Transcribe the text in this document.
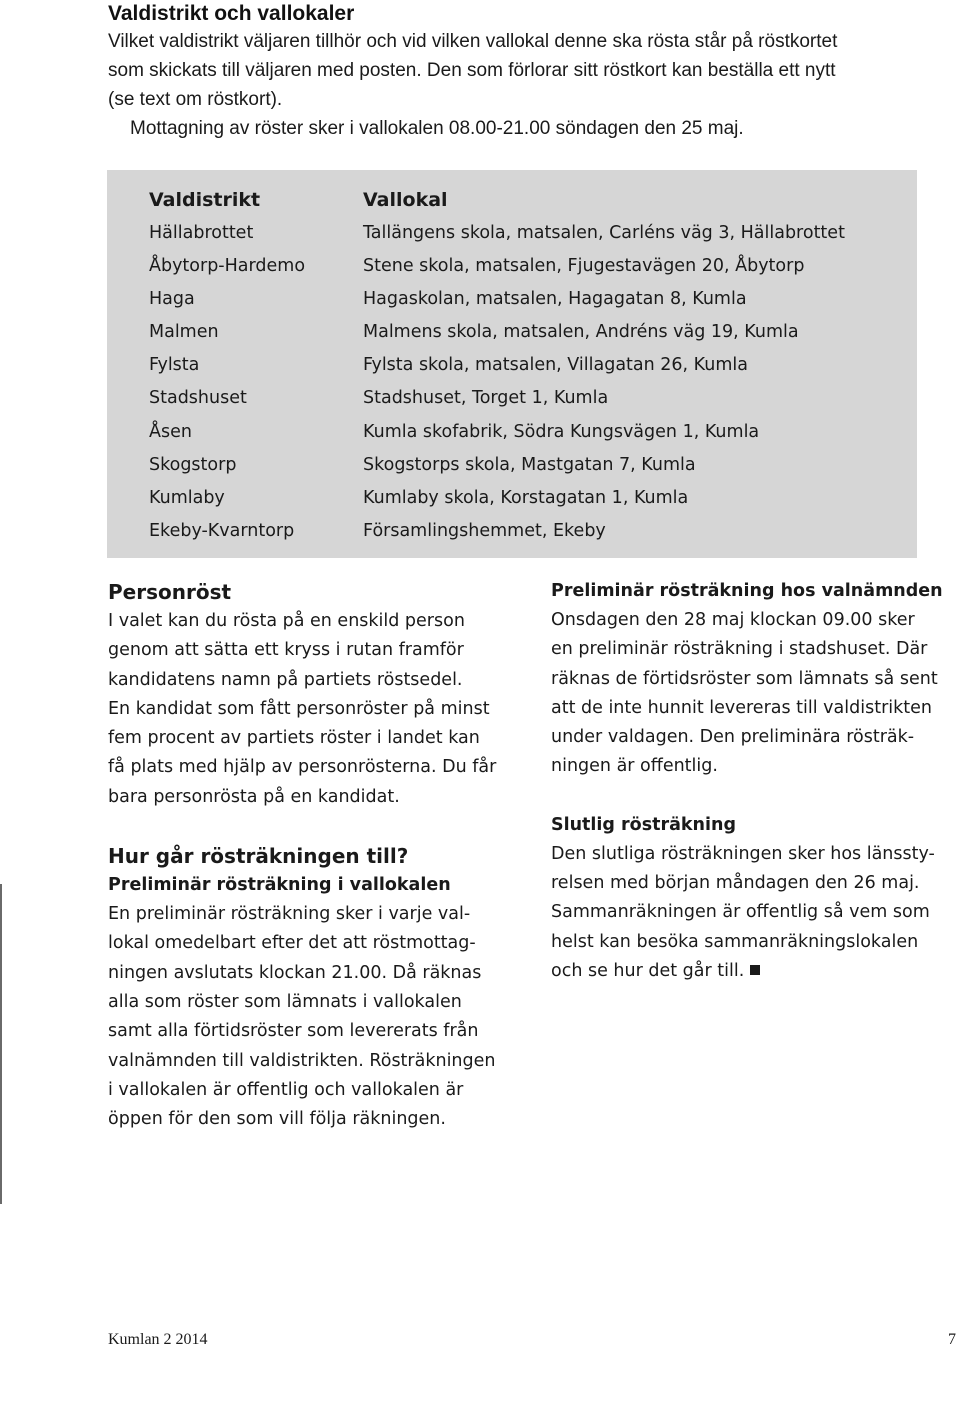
Valdistrikt och vallokaler

Vilket valdistrikt väljaren tillhör och vid vilken vallokal denne ska rösta står på röstkortet

som skickats till väljaren med posten. Den som förlorar sitt röstkort kan beställa ett nytt

(se text om röstkort).

Mottagning av röster sker i vallokalen 08.00-21.00 söndagen den 25 maj.

Valdistrikt
Hällabrottet
Åbytorp-Hardemo
Haga
Malmen
Fylsta
Stadshuset
Åsen
Skogstorp
Kumlaby
Ekeby-Kvarntorp
Vallokal
Tallängens skola, matsalen, Carléns väg 3, Hällabrottet
Stene skola, matsalen, Fjugestavägen 20, Åbytorp
Hagaskolan, matsalen, Hagagatan 8, Kumla
Malmens skola, matsalen, Andréns väg 19, Kumla
Fylsta skola, matsalen, Villagatan 26, Kumla
Stadshuset, Torget 1, Kumla
Kumla skofabrik, Södra Kungsvägen 1, Kumla
Skogstorps skola, Mastgatan 7, Kumla
Kumlaby skola, Korstagatan 1, Kumla
Församlingshemmet, Ekeby
Personröst

I valet kan du rösta på en enskild person

genom att sätta ett kryss i rutan framför

kandidatens namn på partiets röstsedel.

En kandidat som fått personröster på minst

fem procent av partiets röster i landet kan

få plats med hjälp av personrösterna. Du får

bara personrösta på en kandidat.

Hur går rösträkningen till?
Preliminär rösträkning i vallokalen

En preliminär rösträkning sker i varje val-

lokal omedelbart efter det att röstmottag-

ningen avslutats klockan 21.00. Då räknas

alla som röster som lämnats i vallokalen

samt alla förtidsröster som levererats från

valnämnden till valdistrikten. Rösträkningen

i vallokalen är offentlig och vallokalen är

öppen för den som vill följa räkningen.

Preliminär rösträkning hos valnämnden

Onsdagen den 28 maj klockan 09.00 sker

en preliminär rösträkning i stadshuset. Där

räknas de förtidsröster som lämnats så sent

att de inte hunnit levereras till valdistrikten

under valdagen. Den preliminära rösträk-

ningen är offentlig.

Slutlig rösträkning

Den slutliga rösträkningen sker hos länssty-

relsen med början måndagen den 26 maj.

Sammanräkningen är offentlig så vem som

helst kan besöka sammanräkningslokalen

och se hur det går till.

Kumlan 2 2014	7
